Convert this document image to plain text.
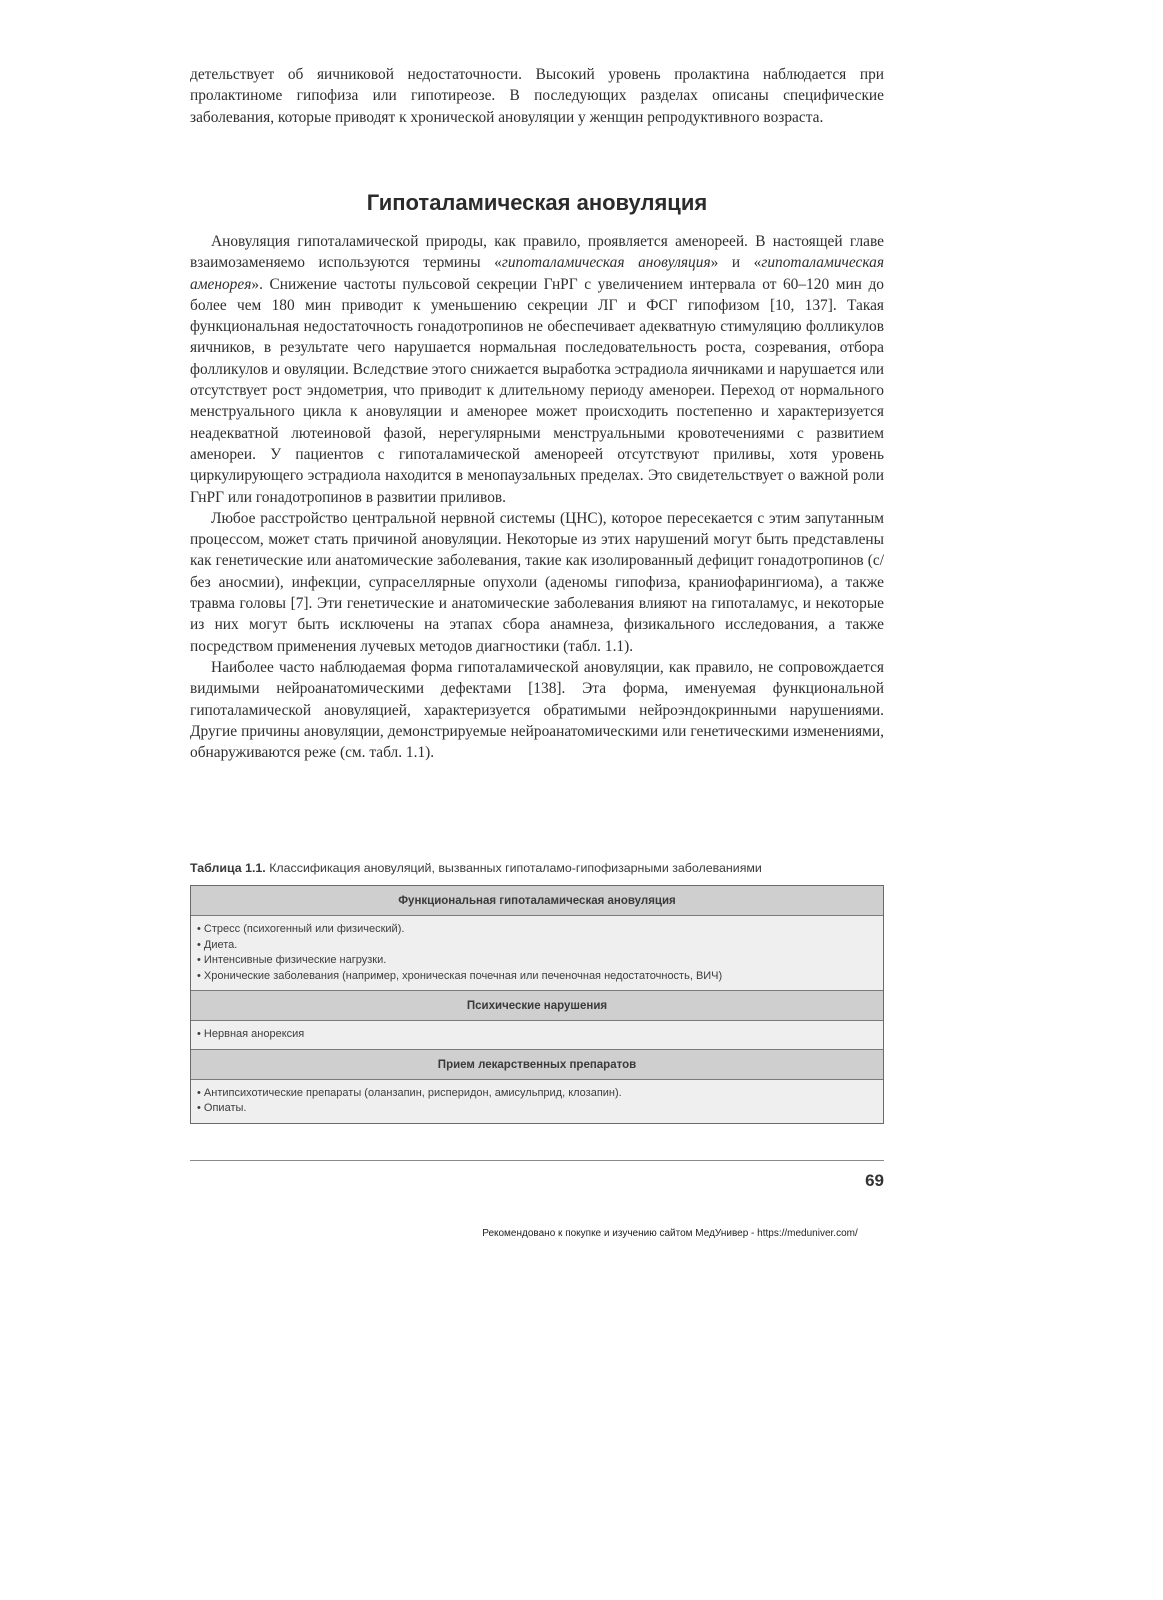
детельствует об яичниковой недостаточности. Высокий уровень пролактина наблюдается при пролактиноме гипофиза или гипотиреозе. В последующих разделах описаны специфические заболевания, которые приводят к хронической ановуляции у женщин репродуктивного возраста.

Гипоталамическая ановуляция

Ановуляция гипоталамической природы, как правило, проявляется аменореей. В настоящей главе взаимозаменяемо используются термины «гипоталамическая ановуляция» и «гипоталамическая аменорея». Снижение частоты пульсовой секреции ГнРГ с увеличением интервала от 60–120 мин до более чем 180 мин приводит к уменьшению секреции ЛГ и ФСГ гипофизом [10, 137]. Такая функциональная недостаточность гонадотропинов не обеспечивает адекватную стимуляцию фолликулов яичников, в результате чего нарушается нормальная последовательность роста, созревания, отбора фолликулов и овуляции. Вследствие этого снижается выработка эстрадиола яичниками и нарушается или отсутствует рост эндометрия, что приводит к длительному периоду аменореи. Переход от нормального менструального цикла к ановуляции и аменорее может происходить постепенно и характеризуется неадекватной лютеиновой фазой, нерегулярными менструальными кровотечениями с развитием аменореи. У пациентов с гипоталамической аменореей отсутствуют приливы, хотя уровень циркулирующего эстрадиола находится в менопаузальных пределах. Это свидетельствует о важной роли ГнРГ или гонадотропинов в развитии приливов.

Любое расстройство центральной нервной системы (ЦНС), которое пересекается с этим запутанным процессом, может стать причиной ановуляции. Некоторые из этих нарушений могут быть представлены как генетические или анатомические заболевания, такие как изолированный дефицит гонадотропинов (с/без аносмии), инфекции, супраселлярные опухоли (аденомы гипофиза, краниофарингиома), а также травма головы [7]. Эти генетические и анатомические заболевания влияют на гипоталамус, и некоторые из них могут быть исключены на этапах сбора анамнеза, физикального исследования, а также посредством применения лучевых методов диагностики (табл. 1.1).

Наиболее часто наблюдаемая форма гипоталамической ановуляции, как правило, не сопровождается видимыми нейроанатомическими дефектами [138]. Эта форма, именуемая функциональной гипоталамической ановуляцией, характеризуется обратимыми нейроэндокринными нарушениями. Другие причины ановуляции, демонстрируемые нейроанатомическими или генетическими изменениями, обнаруживаются реже (см. табл. 1.1).

Таблица 1.1. Классификация ановуляций, вызванных гипоталамо-гипофизарными заболеваниями
Функциональная гипоталамическая ановуляция
• Стресс (психогенный или физический).
• Диета.
• Интенсивные физические нагрузки.
• Хронические заболевания (например, хроническая почечная или печеночная недостаточность, ВИЧ)
Психические нарушения
• Нервная анорексия
Прием лекарственных препаратов
• Антипсихотические препараты (оланзапин, рисперидон, амисульприд, клозапин).
• Опиаты.

69

Рекомендовано к покупке и изучению сайтом МедУнивер - https://meduniver.com/
